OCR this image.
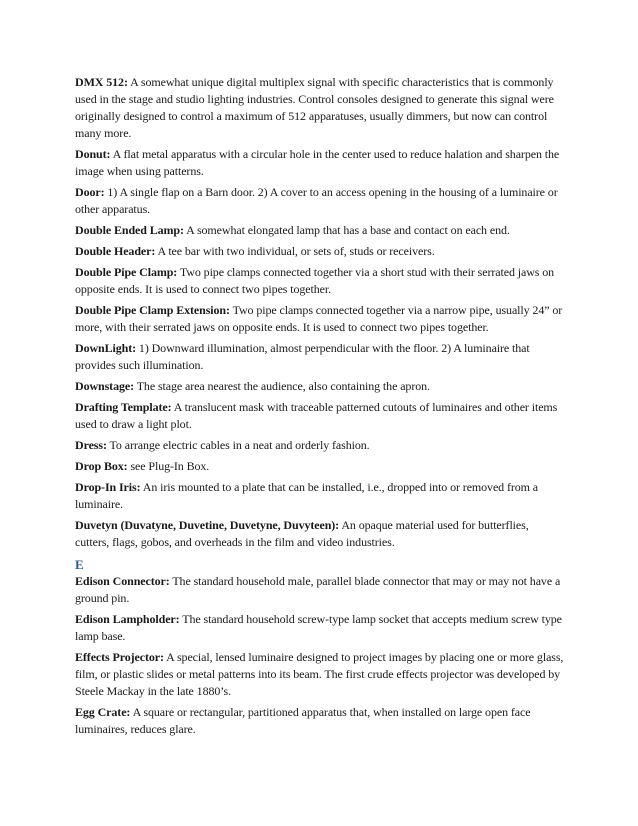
DMX 512: A somewhat unique digital multiplex signal with specific characteristics that is commonly used in the stage and studio lighting industries. Control consoles designed to generate this signal were originally designed to control a maximum of 512 apparatuses, usually dimmers, but now can control many more.

Donut: A flat metal apparatus with a circular hole in the center used to reduce halation and sharpen the image when using patterns.

Door: 1) A single flap on a Barn door. 2) A cover to an access opening in the housing of a luminaire or other apparatus.

Double Ended Lamp: A somewhat elongated lamp that has a base and contact on each end.

Double Header: A tee bar with two individual, or sets of, studs or receivers.

Double Pipe Clamp: Two pipe clamps connected together via a short stud with their serrated jaws on opposite ends. It is used to connect two pipes together.

Double Pipe Clamp Extension: Two pipe clamps connected together via a narrow pipe, usually 24” or more, with their serrated jaws on opposite ends. It is used to connect two pipes together.

DownLight: 1) Downward illumination, almost perpendicular with the floor. 2) A luminaire that provides such illumination.

Downstage: The stage area nearest the audience, also containing the apron.

Drafting Template: A translucent mask with traceable patterned cutouts of luminaires and other items used to draw a light plot.

Dress: To arrange electric cables in a neat and orderly fashion.

Drop Box: see Plug-In Box.

Drop-In Iris: An iris mounted to a plate that can be installed, i.e., dropped into or removed from a luminaire.

Duvetyn (Duvatyne, Duvetine, Duvetyne, Duvyteen): An opaque material used for butterflies, cutters, flags, gobos, and overheads in the film and video industries.

E

Edison Connector: The standard household male, parallel blade connector that may or may not have a ground pin.

Edison Lampholder: The standard household screw-type lamp socket that accepts medium screw type lamp base.

Effects Projector: A special, lensed luminaire designed to project images by placing one or more glass, film, or plastic slides or metal patterns into its beam. The first crude effects projector was developed by Steele Mackay in the late 1880’s.

Egg Crate: A square or rectangular, partitioned apparatus that, when installed on large open face luminaires, reduces glare.
